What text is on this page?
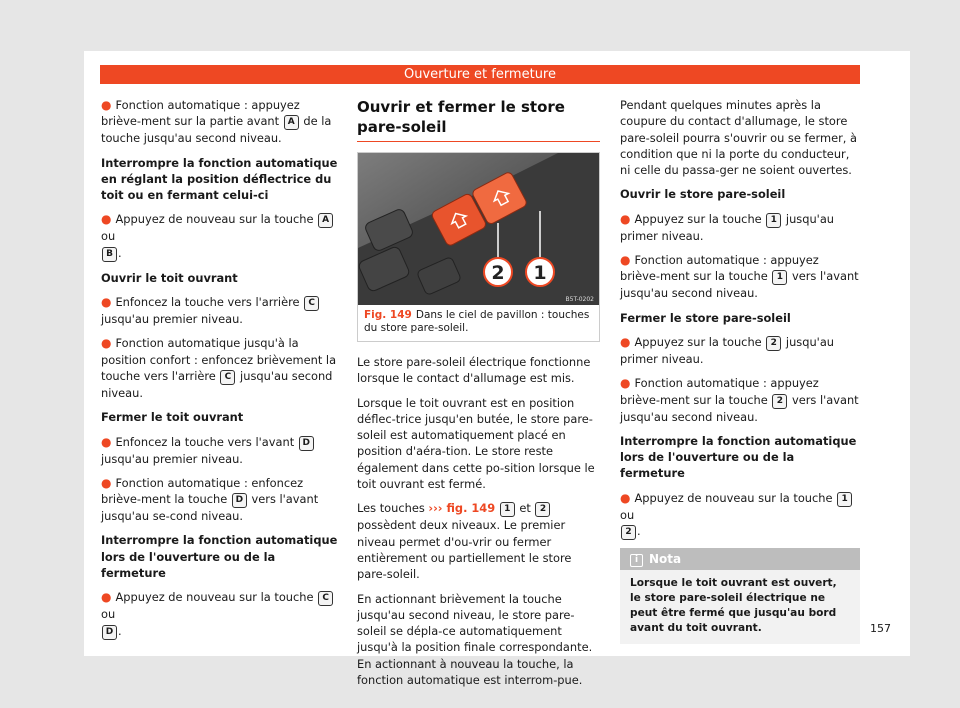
Ouverture et fermeture

● Fonction automatique : appuyez briève-ment sur la partie avant A de la touche jusqu'au second niveau.

Interrompre la fonction automatique en réglant la position déflectrice du toit ou en fermant celui-ci

● Appuyez de nouveau sur la touche A ou
B .

Ouvrir le toit ouvrant

● Enfoncez la touche vers l'arrière C jusqu'au premier niveau.

● Fonction automatique jusqu'à la position confort : enfoncez brièvement la touche vers l'arrière C jusqu'au second niveau.

Fermer le toit ouvrant

● Enfoncez la touche vers l'avant D jusqu'au premier niveau.

● Fonction automatique : enfoncez briève-ment la touche D vers l'avant jusqu'au se-cond niveau.

Interrompre la fonction automatique lors de l'ouverture ou de la fermeture

● Appuyez de nouveau sur la touche C ou
D .

Ouvrir et fermer le store pare-soleil
2 1
B5T-0202
Fig. 149 Dans le ciel de pavillon : touches du store pare-soleil.

Le store pare-soleil électrique fonctionne lorsque le contact d'allumage est mis.

Lorsque le toit ouvrant est en position déflec-trice jusqu'en butée, le store pare-soleil est automatiquement placé en position d'aéra-tion. Le store reste également dans cette po-sition lorsque le toit ouvrant est fermé.

Les touches ››› fig. 149 1 et 2 possèdent deux niveaux. Le premier niveau permet d'ou-vrir ou fermer entièrement ou partiellement le store pare-soleil.

En actionnant brièvement la touche jusqu'au second niveau, le store pare-soleil se dépla-ce automatiquement jusqu'à la position finale correspondante. En actionnant à nouveau la touche, la fonction automatique est interrom-pue.

Pendant quelques minutes après la coupure du contact d'allumage, le store pare-soleil pourra s'ouvrir ou se fermer, à condition que ni la porte du conducteur, ni celle du passa-ger ne soient ouvertes.

Ouvrir le store pare-soleil

● Appuyez sur la touche 1 jusqu'au primer niveau.

● Fonction automatique : appuyez briève-ment sur la touche 1 vers l'avant jusqu'au second niveau.

Fermer le store pare-soleil

● Appuyez sur la touche 2 jusqu'au primer niveau.

● Fonction automatique : appuyez briève-ment sur la touche 2 vers l'avant jusqu'au second niveau.

Interrompre la fonction automatique lors de l'ouverture ou de la fermeture

● Appuyez de nouveau sur la touche 1 ou
2 .

i Nota
Lorsque le toit ouvrant est ouvert, le store pare-soleil électrique ne peut être fermé que jusqu'au bord avant du toit ouvrant.	157
